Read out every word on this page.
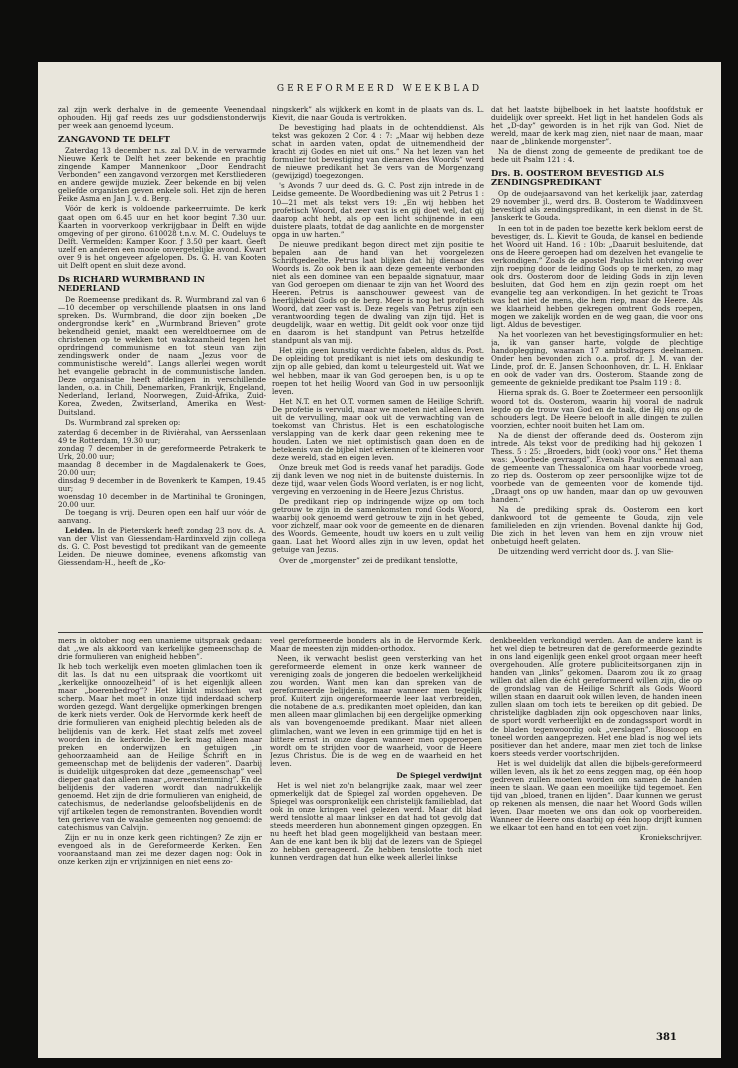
GEREFORMEERD WEEKBLAD

zal zijn werk derhalve in de gemeente Veenendaal ophouden. Hij gaf reeds zes uur godsdienstonderwijs per week aan genoemd lyceum.

ZANGAVOND TE DELFT

Zaterdag 13 december n.s. zal D.V. in de verwarmde Nieuwe Kerk te Delft het zeer bekende en prachtig zingende Kamper Mannenkoor „Door Eendracht Verbonden” een zangavond verzorgen met Kerstliederen en andere gewijde muziek. Zeer bekende en bij velen geliefde organisten geven enkele soli. Het zijn de heren Feike Asma en Jan J. v. d. Berg.

Vóór de kerk is voldoende parkeerruimte. De kerk gaat open om 6.45 uur en het koor begint 7.30 uur. Kaarten in voorverkoop verkrijgbaar in Delft en wijde omgeving of per girono. 610028 t.n.v. M. C. Oudeluys te Delft. Vermelden: Kamper Koor. ƒ 3.50 per kaart. Geeft uzelf en anderen een mooie onvergetelijke avond. Kwart over 9 is het ongeveer afgelopen. Ds. G. H. van Kooten uit Delft opent en sluit deze avond.

Ds RICHARD WURMBRAND IN NEDERLAND

De Roemeense predikant ds. R. Wurmbrand zal van 6—10 december op verschillende plaatsen in ons land spreken. Ds. Wurmbrand, die door zijn boeken „De ondergrondse kerk” en „Wurmbrand Brieven” grote bekendheid geniet, maakt een wereldtoernee om de christenen op te wekken tot waakzaamheid tegen het oprdringend communisme en tot steun van zijn zendingswerk onder de naam „Jezus voor de communistische wereld”. Langs allerlei wegen wordt het evangelie gebracht in de communistische landen. Deze organisatie heeft afdelingen in verschillende landen, o.a. in Chili, Denemarken, Frankrijk, Engeland, Nederland, Ierland, Noorwegen, Zuid-Afrika, Zuid-Korea, Zweden, Zwitserland, Amerika en West-Duitsland.

Ds. Wurmbrand zal spreken op:

zaterdag 6 december in de Rivièrahal, van Aerssenlaan 49 te Rotterdam, 19.30 uur;

zondag 7 december in de gereformeerde Petrakerk te Urk, 20.00 uur;

maandag 8 december in de Magdalenakerk te Goes, 20.00 uur;

dinsdag 9 december in de Bovenkerk te Kampen, 19.45 uur;

woensdag 10 december in de Martinihal te Groningen, 20.00 uur.

De toegang is vrij. Deuren open een half uur vóór de aanvang.

Leiden. In de Pieterskerk heeft zondag 23 nov. ds. A. van der Vlist van Giessendam-Hardinxveld zijn collega ds. G. C. Post bevestigd tot predikant van de gemeente Leiden. De nieuwe dominee, evenens afkomstig van Giessendam-H., heeft de „Ko-

ningskerk” als wijkkerk en komt in de plaats van ds. L. Kievit, die naar Gouda is vertrokken.

De bevestiging had plaats in de ochtenddienst. Als tekst was gekozen 2 Cor. 4 : 7: „Maar wij hebben deze schat in aarden vaten, opdat de uitnemendheid der kracht zij Godes en niet uit ons.” Na het lezen van het formulier tot bevestiging van dienaren des Woords” werd de nieuwe predikant het 3e vers van de Morgenzang (gewijzigd) toegezongen.

's Avonds 7 uur deed ds. G. C. Post zijn intrede in de Leidse gemeente. De Woordbediening was uit 2 Petrus 1 : 10—21 met als tekst vers 19: „En wij hebben het profetisch Woord, dat zeer vast is en gij doet wel, dat gij daarop acht hebt, als op een licht schijnende in een duistere plaats, totdat de dag aanlichte en de morgenster opga in uw harten.”

De nieuwe predikant begon direct met zijn positie te bepalen aan de hand van het voorgelezen Schriftgedeelte. Petrus laat blijken dat hij dienaar des Woords is. Zo ook ben ik aan deze gemeente verbonden niet als een dominee van een bepaalde signatuur, maar van God geroepen om dienaar te zijn van het Woord des Heeren. Petrus is aanschouwer geweest van de heerlijkheid Gods op de berg. Meer is nog het profetisch Woord, dat zeer vast is. Deze regels van Petrus zijn een verantwoording tegen de dwaling van zijn tijd. Het is deugdelijk, waar en wettig. Dit geldt ook voor onze tijd en daarom is het standpunt van Petrus hetzelfde standpunt als van mij.

Het zijn geen kunstig verdichte fabelen, aldus ds. Post. De opleiding tot predikant is niet iets om deskundig te zijn op alle gebied, dan komt u teleurgesteld uit. Wat we wel hebben, maar ik van God geroepen ben, is u op te roepen tot het heilig Woord van God in uw persoonlijk leven.

Het N.T. en het O.T. vormen samen de Heilige Schrift. De profetie is vervuld, maar we moeten niet alleen leven uit de vervulling, maar ook uit de verwachting van de toekomst van Christus. Het is een eschatologische verslapping van de kerk daar geen rekening mee te houden. Laten we niet optimistisch gaan doen en de betekenis van de bijbel niet erkennen of te kleineren voor deze wereld, stad en eigen leven.

Onze breuk met God is reeds vanaf het paradijs. Gode zij dank leven we nog niet in de buitenste duisternis. In deze tijd, waar velen Gods Woord verlaten, is er nog licht, vergeving en verzoening in de Heere Jezus Christus.

De predikant riep op indringende wijze op om toch getrouw te zijn in de samenkomsten rond Gods Woord, waarbij ook genoemd werd getrouw te zijn in het gebed, voor zichzelf, maar ook voor de gemeente en de dienaren des Woords. Gemeente, houdt uw koers en u zult veilig gaan. Laat het Woord alles zijn in uw leven, opdat het getuige van Jezus.

Over de „morgenster” zei de predikant tenslotte,

dat het laatste bijbelboek in het laatste hoofdstuk er duidelijk over spreekt. Het ligt in het handelen Gods als het „D-day” geworden is in het rijk van God. Niet de wereld, maar de kerk mag zien, niet naar de maan, maar naar de „blinkende morgenster”.

Na de dienst zong de gemeente de predikant toe de bede uit Psalm 121 : 4.

Drs. B. OOSTEROM BEVESTIGD ALS ZENDINGSPREDIKANT

Op de oudejaarsavond van het kerkelijk jaar, zaterdag 29 november jl., werd drs. B. Oosterom te Waddinxveen bevestigd als zendingspredikant, in een dienst in de St. Janskerk te Gouda.

In een tot in de paden toe bezette kerk beklom eerst de bevestiger, ds. L. Kievit te Gouda, de kansel en bediende het Woord uit Hand. 16 : 10b: „Daaruit besluitende, dat ons de Heere geroepen had om dezelven het evangelie te verkondigen.” Zoals de apostel Paulus licht ontving over zijn roeping door de leiding Gods op te merken, zo mag ook drs. Oosterom door de leiding Gods in zijn leven besluiten, dat God hem en zijn gezin roept om het evangelie teg aan verkondigen. In het gezicht te Troas was het niet de mens, die hem riep, maar de Heere. Als we klaarheid hebben gekregen omtrent Gods roepen, mogen we zakelijk worden en de weg gaan, die voor ons ligt. Aldus de bevestiger.

Na het voorlezen van het bevestigingsformulier en het: ja, ik van ganser harte, volgde de plechtige handoplegging, waaraan 17 ambtsdragers deelnamen. Onder hen bevonden zich o.a. prof. dr. J. M. van der Linde, prof. dr. E. Jansen Schoonhoven, dr. L. H. Enklaar en ook de vader van drs. Oosterom. Staande zong de gemeente de geknielde predikant toe Psalm 119 : 8.

Hierna sprak ds. G. Boer te Zoetermeer een persoonlijk woord tot ds. Oosterom, waarin hij vooral de nadruk legde op de trouw van God en de taak, die Hij ons op de schouders legt. De Heere belooft in alle dingen te zullen voorzien, echter nooit buiten het Lam om.

Na de dienst der offerande deed ds. Oosterom zijn intrede. Als tekst voor de prediking had hij gekozen 1 Thess. 5 : 25: „Broeders, bidt (ook) voor ons.” Het thema was: „Voorbede gevraagd”. Evenals Paulus eenmaal aan de gemeente van Thessalonica om haar voorbede vroeg, zo riep ds. Oosterom op zeer persoonlijke wijze tot de voorbede van de gemeenten voor de komende tijd. „Draagt ons op uw handen, maar dan op uw gevouwen handen.”

Na de prediking sprak ds. Oosterom een kort dankwoord tot de gemeente te Gouda, zijn vele familieleden en zijn vrienden. Bovenal dankte hij God, Die zich in het leven van hem en zijn vrouw niet onbetuigd heeft gelaten.

De uitzending werd verricht door ds. J. van Slie-

mers in oktober nog een unanieme uitspraak gedaan: dat ,,we als akkoord van kerkelijke gemeenschap de drie formulieren van enigheid hebben”.

Ik heb toch werkelijk even moeten glimlachen toen ik dit las. Is dat nu een uitspraak die voortkomt uit „kerkelijke onnoozelheid” of is het eigenlijk alleen maar „boerenbedrog”? Het klinkt misschien wat scherp. Maar het moet in onze tijd inderdaad scherp worden gezegd. Want dergelijke opmerkingen brengen de kerk niets verder. Ook de Hervormde kerk heeft de drie formulieren van enigheid plechtig beleden als de belijdenis van de kerk. Het staat zelfs met zoveel woorden in de kerkorde. De kerk mag alleen maar preken en onderwijzen en getuigen „in gehoorzaamheid aan de Heilige Schrift en in gemeenschap met de belijdenis der vaderen”. Daarbij is duidelijk uitgesproken dat deze „gemeenschap” veel dieper gaat dan alleen maar „overeenstemming”. En de belijdenis der vaderen wordt dan nadrukkelijk genoemd. Het zijn de drie formulieren van enigheid, de catechismus, de nederlandse geloofsbelijdenis en de vijf artikelen tegen de remonstranten. Bovendien wordt ten gerieve van de waalse gemeenten nog genoemd: de catechismus van Calvijn.

Zijn er nu in onze kerk geen richtingen? Ze zijn er evengoed als in de Gereformeerde Kerken. Een vooraanstaand man zei me dezer dagen nog: Ook in onze kerken zijn er vrijzinnigen en niet eens zo-

veel gereformeerde bonders als in de Hervormde Kerk. Maar de meesten zijn midden-orthodox.

Neen, ik verwacht beslist geen versterking van het gereformeerde element in onze kerk wanneer de vereniging zoals de jongeren die bedoelen werkelijkheid zou worden. Want men kan dan spreken van de gereformeerde belijdenis, maar wanneer men tegelijk prof. Kuitert zijn ongereformeerde leer laat verbreiden, die notabene de a.s. predikanten moet opleiden, dan kan men alleen maar glimlachen bij een dergelijke opmerking als van bovengenoemde predikant. Maar niet alleen glimlachen, want we leven in een grimmige tijd en het is bittere ernst in onze dagen wanneer men opgeroepen wordt om te strijden voor de waarheid, voor de Heere Jezus Christus. Die is de weg en de waarheid en het leven.

De Spiegel verdwijnt

Het is wel niet zo'n belangrijke zaak, maar wel zeer opmerkelijk dat de Spiegel zal worden opgeheven. De Spiegel was oorspronkelijk een christelijk familieblad, dat ook in onze kringen veel gelezen werd. Maar dit blad werd tenslotte al maar linkser en dat had tot gevolg dat steeds meerderen hun abonnement gingen opzeggen. En nu heeft het blad geen mogelijkheid van bestaan meer. Aan de ene kant ben ik blij dat de lezers van de Spiegel zo hebben gereageerd. Ze hebben tenslotte toch niet kunnen verdragen dat hun elke week allerlei linkse

denkbeelden verkondigd werden. Aan de andere kant is het wel diep te betreuren dat de gereformeerde gezindte in ons land eigenlijk geen enkel groot orgaan meer heeft overgehouden. Alle grotere publiciteitsorganen zijn in handen van „links” gekomen. Daarom zou ik zo graag willen dat allen die écht gereformeerd willen zijn, die op de grondslag van de Heilige Schrift als Gods Woord willen staan en daaruit ook willen leven, de handen ineen zullen slaan om toch iets te bereiken op dit gebied. De christelijke dagbladen zijn ook opgeschoven naar links, de sport wordt verheerlijkt en de zondagssport wordt in de bladen tegenwoordig ook „verslagen”. Bioscoop en toneel worden aangeprezen. Het ene blad is nog wel iets positiever dan het andere, maar men ziet toch de linkse koers steeds verder voortschrijden.

Het is wel duidelijk dat allen die bijbels-gereformeerd willen leven, als ik het zo eens zeggen mag, op één hoop gedreven zullen moeten worden om samen de handen ineen te slaan. We gaan een moeilijke tijd tegemoet. Een tijd van „bloed, tranen en lijden”. Daar kunnen we gerust op rekenen als mensen, die naar het Woord Gods willen leven. Daar moeten we ons dan ook op voorbereiden. Wanneer de Heere ons daarbij op één hoop drijft kunnen we elkaar tot een hand en tot een voet zijn.

Kroniekschrijver.

381
